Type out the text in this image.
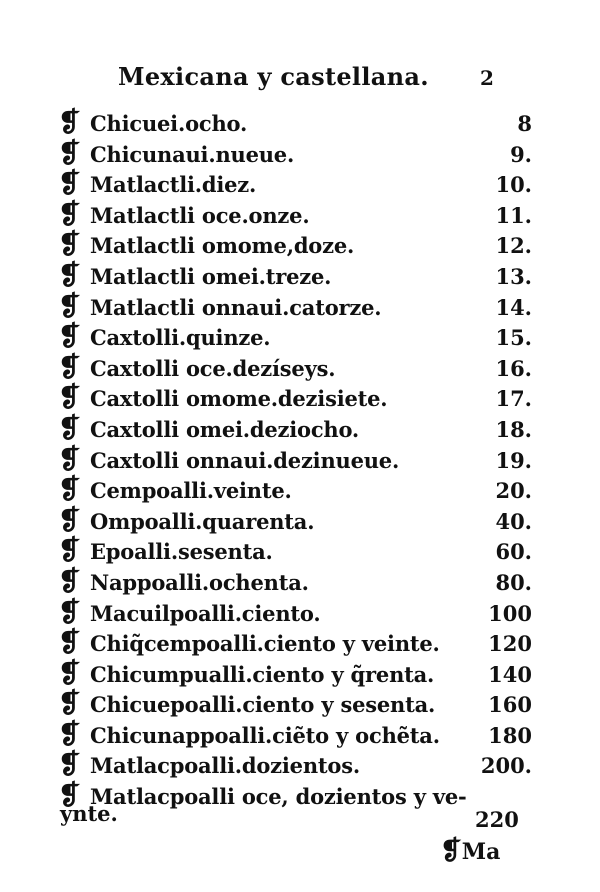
Mexicana y castellana.	2
❡ Chicuei.ocho.	8
❡ Chicunaui.nueue.	9.
❡ Matlactli.diez.	10.
❡ Matlactli oce.onze.	11.
❡ Matlactli omome,doze.	12.
❡ Matlactli omei.treze.	13.
❡ Matlactli onnaui.catorze.	14.
❡ Caxtolli.quinze.	15.
❡ Caxtolli oce.dezíseys.	16.
❡ Caxtolli omome.dezisiete.	17.
❡ Caxtolli omei.deziocho.	18.
❡ Caxtolli onnaui.dezinueue.	19.
❡ Cempoalli.veinte.	20.
❡ Ompoalli.quarenta.	40.
❡ Epoalli.sesenta.	60.
❡ Nappoalli.ochenta.	80.
❡ Macuilpoalli.ciento.	100
❡ Chiq̃cempoalli.ciento y veinte. 120
❡ Chicumpualli.ciento y q̃renta.	140
❡ Chicuepoalli.ciento y sesenta.	160
❡ Chicunappoalli.ciẽto y ochẽta. 180
❡ Matlacpoalli.dozientos.	200.
❡ Matlacpoalli oce, dozientos y ve-
ynte.	220
❡Ma
